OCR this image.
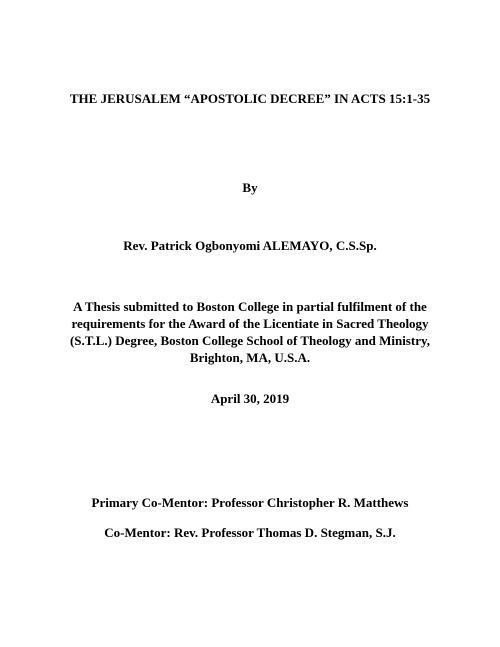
THE JERUSALEM “APOSTOLIC DECREE” IN ACTS 15:1-35
By
Rev. Patrick Ogbonyomi ALEMAYO, C.S.Sp.
A Thesis submitted to Boston College in partial fulfilment of the
requirements for the Award of the Licentiate in Sacred Theology
(S.T.L.) Degree, Boston College School of Theology and Ministry,
Brighton, MA, U.S.A.
April 30, 2019
Primary Co-Mentor: Professor Christopher R. Matthews
Co-Mentor: Rev. Professor Thomas D. Stegman, S.J.
